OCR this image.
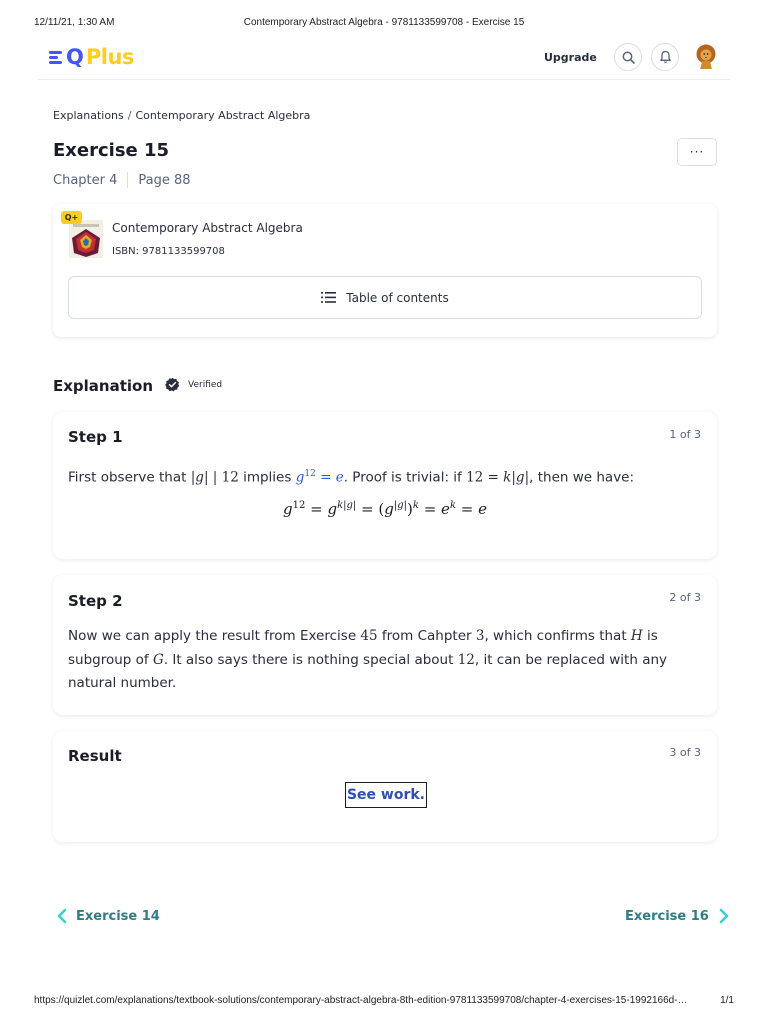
12/11/21, 1:30 AM	Contemporary Abstract Algebra - 9781133599708 - Exercise 15
Q Plus	Upgrade
Explanations / Contemporary Abstract Algebra
Exercise 15	···
Chapter 4 Page 88
Q+
Contemporary Abstract Algebra
ISBN: 9781133599708
Table of contents
Explanation	Verified
Step 1	1 of 3
First observe that |g| | 12 implies $g^{12} = e$. Proof is trivial: if 12 = k|g|, then we have:
$g^{12} = g^{k|g|} = (g^{|g|})^k = e^k = e$
Step 2	2 of 3
Now we can apply the result from Exercise 45 from Cahpter 3, which confirms that H is subgroup of G. It also says there is nothing special about 12, it can be replaced with any natural number.
Result	3 of 3
See work.
Exercise 14	Exercise 16
https://quizlet.com/explanations/textbook-solutions/contemporary-abstract-algebra-8th-edition-9781133599708/chapter-4-exercises-15-1992166d-…	1/1
